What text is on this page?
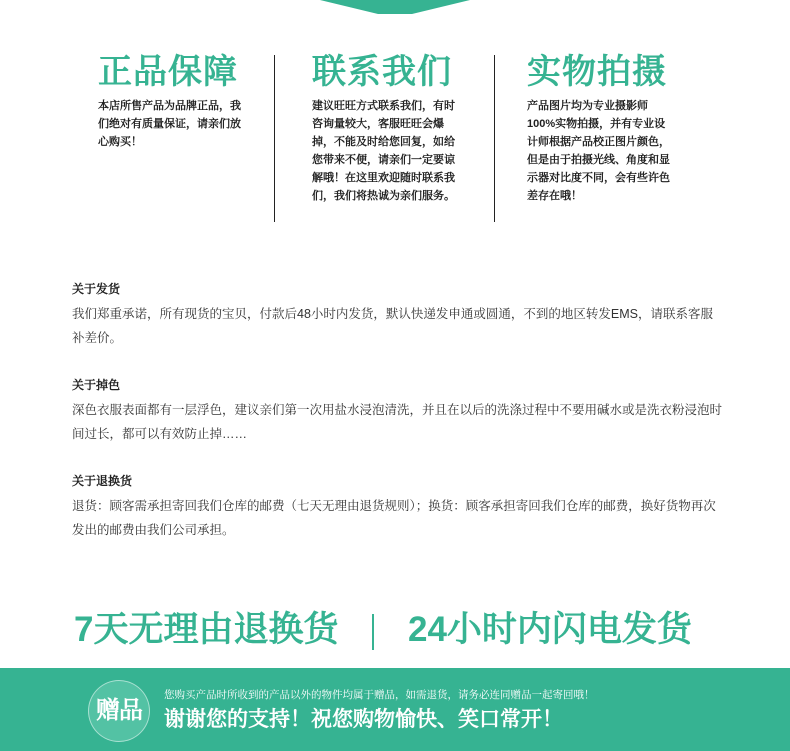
正品保障

本店所售产品为品牌正品，我们绝对有质量保证，请亲们放心购买！

联系我们

建议旺旺方式联系我们，有时咨询量较大，客服旺旺会爆掉，不能及时给您回复，如给您带来不便，请亲们一定要谅解哦！在这里欢迎随时联系我们，我们将热诚为亲们服务。

实物拍摄

产品图片均为专业摄影师100%实物拍摄，并有专业设计师根据产品校正图片颜色，但是由于拍摄光线、角度和显示器对比度不同，会有些许色差存在哦！

关于发货

我们郑重承诺，所有现货的宝贝，付款后48小时内发货，默认快递发申通或圆通，不到的地区转发EMS，请联系客服补差价。

关于掉色

深色衣服表面都有一层浮色，建议亲们第一次用盐水浸泡清洗，并且在以后的洗涤过程中不要用碱水或是洗衣粉浸泡时间过长，都可以有效防止掉……

关于退换货

退货：顾客需承担寄回我们仓库的邮费（七天无理由退货规则）；换货：顾客承担寄回我们仓库的邮费，换好货物再次发出的邮费由我们公司承担。

7天无理由退换货 24小时内闪电发货
赠品
您购买产品时所收到的产品以外的物件均属于赠品，如需退货，请务必连同赠品一起寄回哦！
谢谢您的支持！祝您购物愉快、笑口常开！
